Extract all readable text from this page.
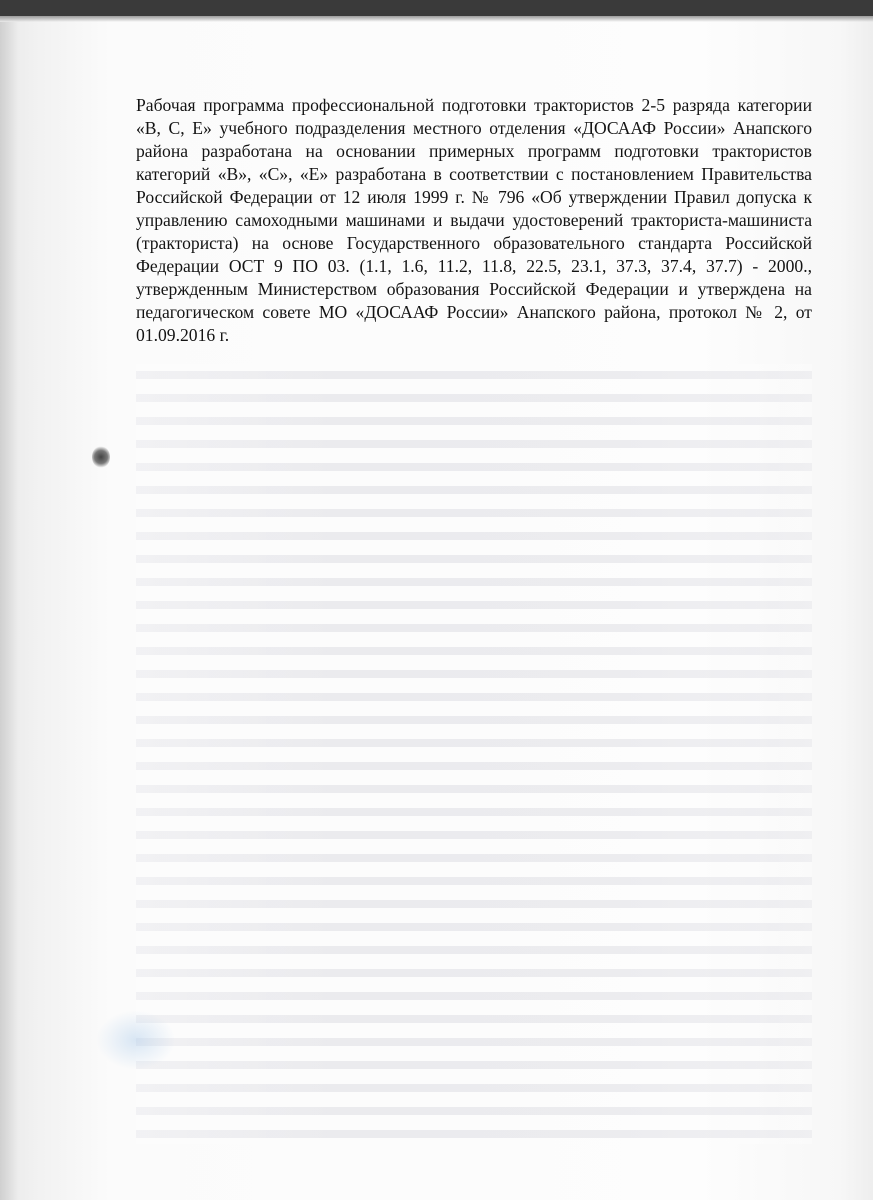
Рабочая программа профессиональной подготовки трактористов 2-5 разряда категории «В, С, Е» учебного подразделения местного отделения «ДОСААФ России» Анапского района разработана на основании примерных программ подготовки трактористов категорий «В», «С», «Е» разработана в соответствии с постановлением Правительства Российской Федерации от 12 июля 1999 г. № 796 «Об утверждении Правил допуска к управлению самоходными машинами и выдачи удостоверений тракториста-машиниста (тракториста) на основе Государственного образовательного стандарта Российской Федерации ОСТ 9 ПО 03. (1.1, 1.6, 11.2, 11.8, 22.5, 23.1, 37.3, 37.4, 37.7) - 2000., утвержденным Министерством образования Российской Федерации и утверждена на педагогическом совете МО «ДОСААФ России» Анапского района, протокол № 2, от 01.09.2016 г.
